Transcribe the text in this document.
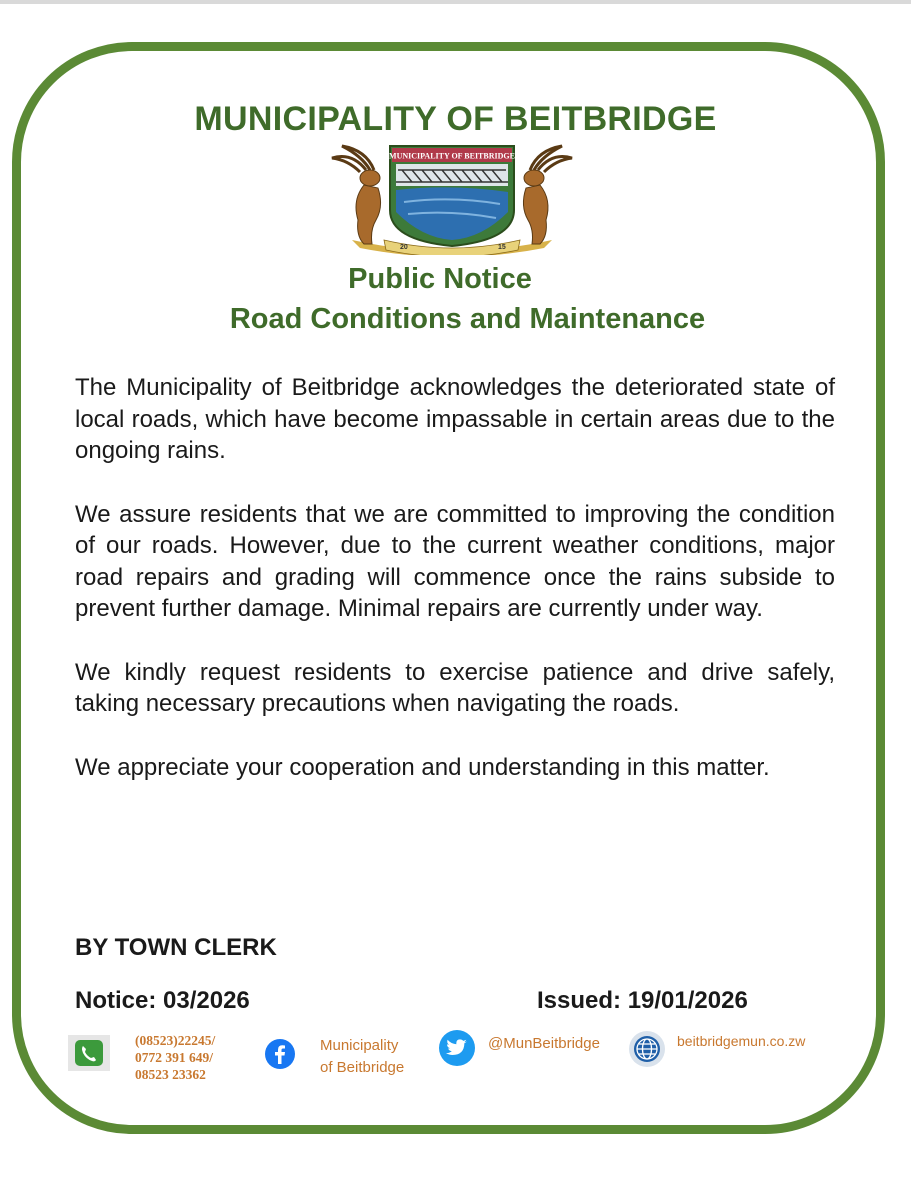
MUNICIPALITY OF BEITBRIDGE
MUNICIPALITY OF BEITBRIDGE
20	15
Public Notice
Road Conditions and Maintenance

The Municipality of Beitbridge acknowledges the deteriorated state of local roads, which have become impassable in certain areas due to the ongoing rains.

We assure residents that we are committed to improving the condition of our roads. However, due to the current weather conditions, major road repairs and grading will commence once the rains subside to prevent further damage. Minimal repairs are currently under way.

We kindly request residents to exercise patience and drive safely, taking necessary precautions when navigating the roads.

We appreciate your cooperation and understanding in this matter.

BY TOWN CLERK
Notice: 03/2026	Issued: 19/01/2026
(08523)22245/
0772 391 649/
08523 23362
Municipality
of Beitbridge
@MunBeitbridge	beitbridgemun.co.zw
